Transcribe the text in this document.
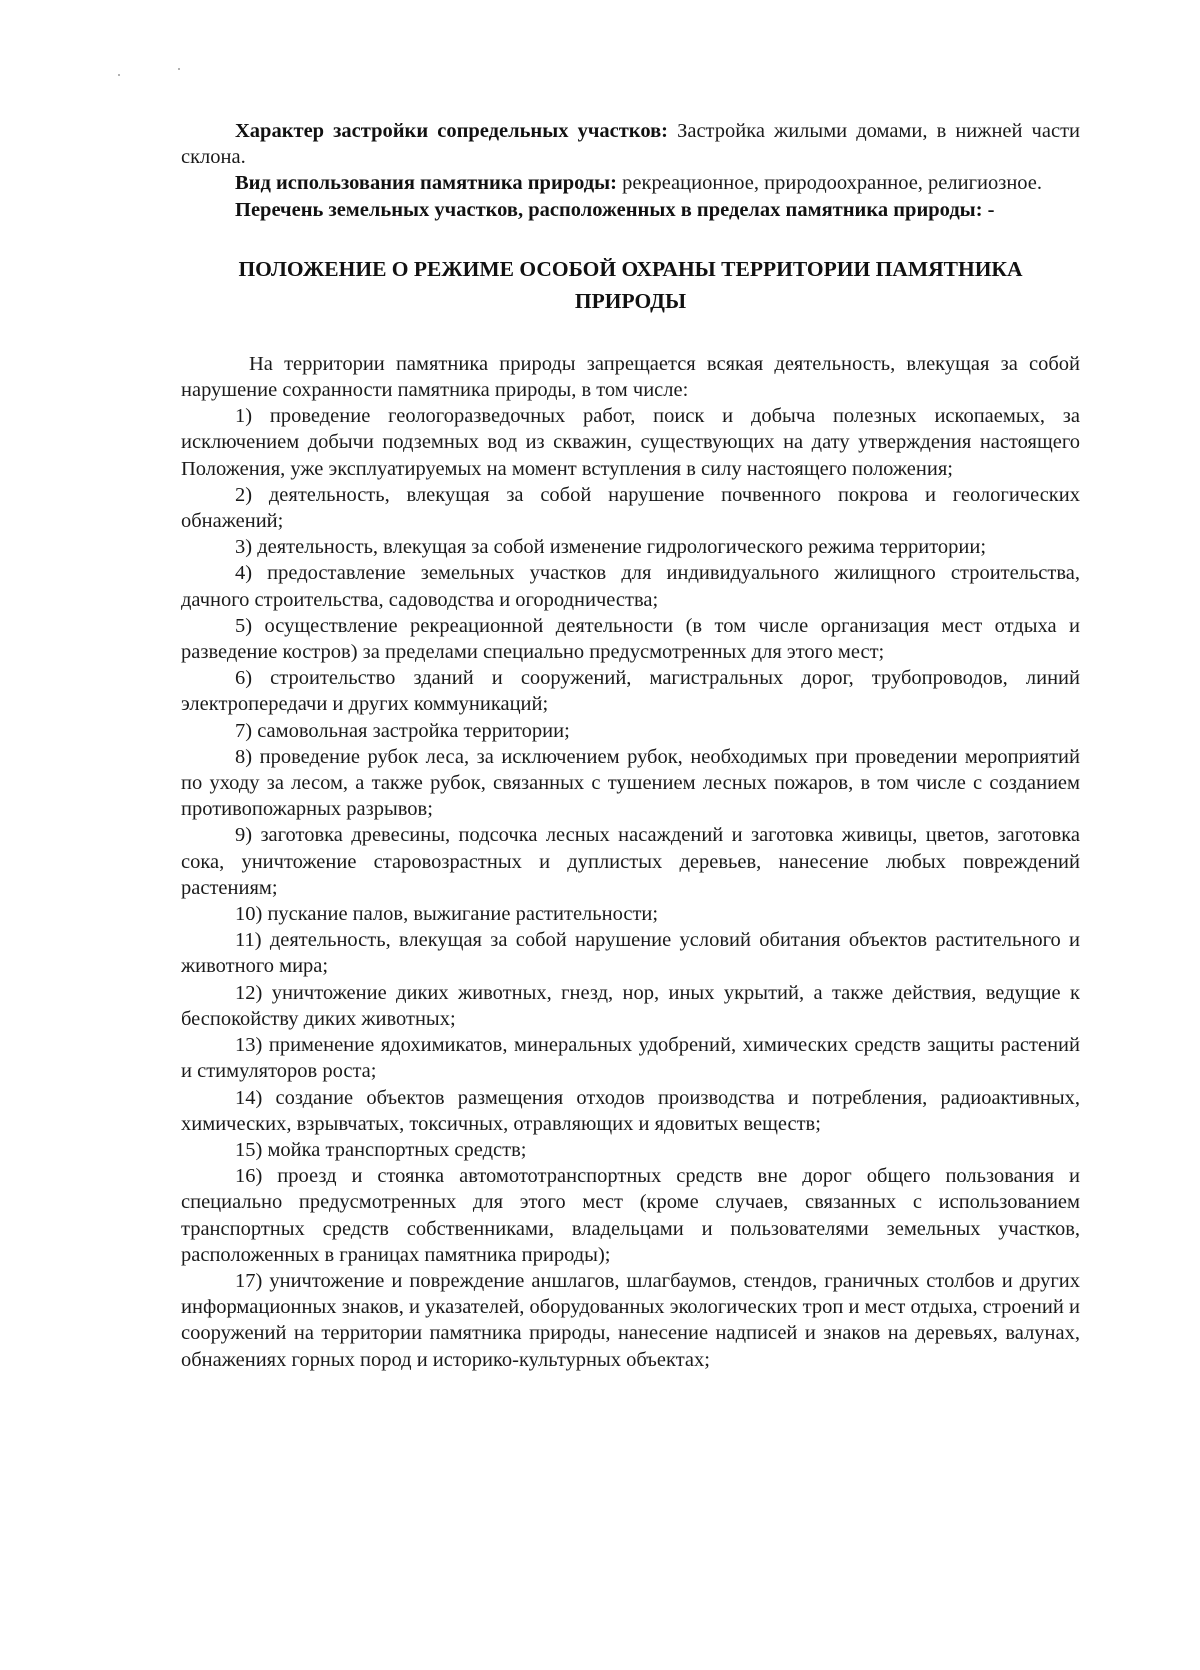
Характер застройки сопредельных участков: Застройка жилыми домами, в нижней части склона.

Вид использования памятника природы: рекреационное, природоохранное, религиозное.

Перечень земельных участков, расположенных в пределах памятника природы: -

ПОЛОЖЕНИЕ О РЕЖИМЕ ОСОБОЙ ОХРАНЫ ТЕРРИТОРИИ ПАМЯТНИКА ПРИРОДЫ

На территории памятника природы запрещается всякая деятельность, влекущая за собой нарушение сохранности памятника природы, в том числе:

1) проведение геологоразведочных работ, поиск и добыча полезных ископаемых, за исключением добычи подземных вод из скважин, существующих на дату утверждения настоящего Положения, уже эксплуатируемых на момент вступления в силу настоящего положения;

2) деятельность, влекущая за собой нарушение почвенного покрова и геологических обнажений;

3) деятельность, влекущая за собой изменение гидрологического режима территории;

4) предоставление земельных участков для индивидуального жилищного строительства, дачного строительства, садоводства и огородничества;

5) осуществление рекреационной деятельности (в том числе организация мест отдыха и разведение костров) за пределами специально предусмотренных для этого мест;

6) строительство зданий и сооружений, магистральных дорог, трубопроводов, линий электропередачи и других коммуникаций;

7) самовольная застройка территории;

8) проведение рубок леса, за исключением рубок, необходимых при проведении мероприятий по уходу за лесом, а также рубок, связанных с тушением лесных пожаров, в том числе с созданием противопожарных разрывов;

9) заготовка древесины, подсочка лесных насаждений и заготовка живицы, цветов, заготовка сока, уничтожение старовозрастных и дуплистых деревьев, нанесение любых повреждений растениям;

10) пускание палов, выжигание растительности;

11) деятельность, влекущая за собой нарушение условий обитания объектов растительного и животного мира;

12) уничтожение диких животных, гнезд, нор, иных укрытий, а также действия, ведущие к беспокойству диких животных;

13) применение ядохимикатов, минеральных удобрений, химических средств защиты растений и стимуляторов роста;

14) создание объектов размещения отходов производства и потребления, радиоактивных, химических, взрывчатых, токсичных, отравляющих и ядовитых веществ;

15) мойка транспортных средств;

16) проезд и стоянка автомототранспортных средств вне дорог общего пользования и специально предусмотренных для этого мест (кроме случаев, связанных с использованием транспортных средств собственниками, владельцами и пользователями земельных участков, расположенных в границах памятника природы);

17) уничтожение и повреждение аншлагов, шлагбаумов, стендов, граничных столбов и других информационных знаков, и указателей, оборудованных экологических троп и мест отдыха, строений и сооружений на территории памятника природы, нанесение надписей и знаков на деревьях, валунах, обнажениях горных пород и историко-культурных объектах;
